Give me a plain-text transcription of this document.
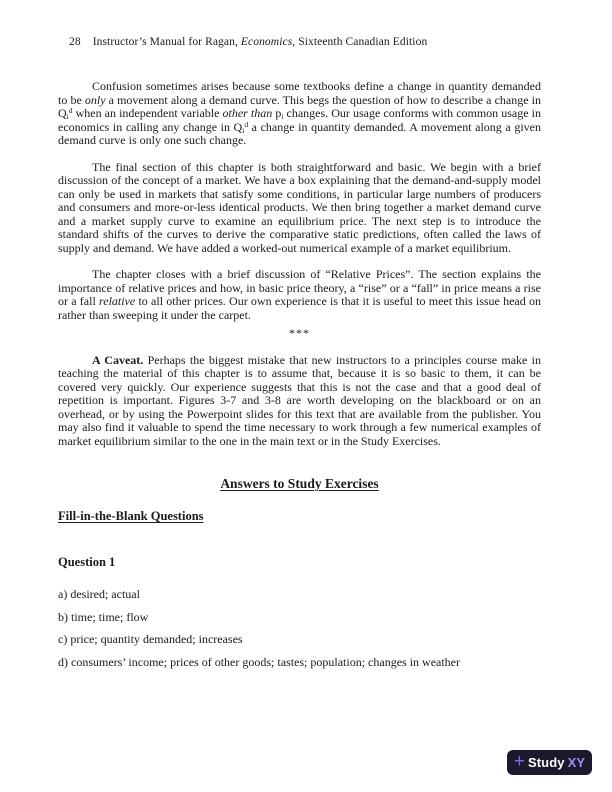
28 Instructor’s Manual for Ragan, Economics, Sixteenth Canadian Edition

Confusion sometimes arises because some textbooks define a change in quantity demanded to be only a movement along a demand curve. This begs the question of how to describe a change in $Q_i^d$ when an independent variable other than $p_i$ changes. Our usage conforms with common usage in economics in calling any change in $Q_i^d$ a change in quantity demanded. A movement along a given demand curve is only one such change.

The final section of this chapter is both straightforward and basic. We begin with a brief discussion of the concept of a market. We have a box explaining that the demand-and-supply model can only be used in markets that satisfy some conditions, in particular large numbers of producers and consumers and more-or-less identical products. We then bring together a market demand curve and a market supply curve to examine an equilibrium price. The next step is to introduce the standard shifts of the curves to derive the comparative static predictions, often called the laws of supply and demand. We have added a worked-out numerical example of a market equilibrium.

The chapter closes with a brief discussion of “Relative Prices”. The section explains the importance of relative prices and how, in basic price theory, a “rise” or a “fall” in price means a rise or a fall relative to all other prices. Our own experience is that it is useful to meet this issue head on rather than sweeping it under the carpet.

***

A Caveat. Perhaps the biggest mistake that new instructors to a principles course make in teaching the material of this chapter is to assume that, because it is so basic to them, it can be covered very quickly. Our experience suggests that this is not the case and that a good deal of repetition is important. Figures 3-7 and 3-8 are worth developing on the blackboard or on an overhead, or by using the Powerpoint slides for this text that are available from the publisher. You may also find it valuable to spend the time necessary to work through a few numerical examples of market equilibrium similar to the one in the main text or in the Study Exercises.

Answers to Study Exercises
Fill-in-the-Blank Questions
Question 1

a) desired; actual

b) time; time; flow

c) price; quantity demanded; increases

d) consumers’ income; prices of other goods; tastes; population; changes in weather

+ Study XY
